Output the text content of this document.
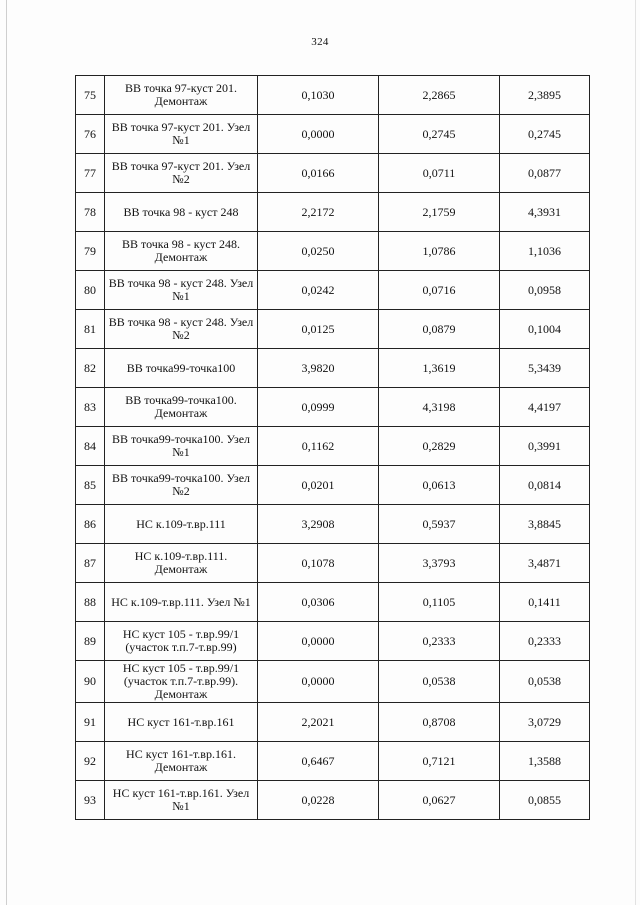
324

75	ВВ точка 97-куст 201. Демонтаж	0,1030	2,2865	2,3895
76	ВВ точка 97-куст 201. Узел №1	0,0000	0,2745	0,2745
77	ВВ точка 97-куст 201. Узел №2	0,0166	0,0711	0,0877
78	ВВ точка 98 - куст 248	2,2172	2,1759	4,3931
79	ВВ точка 98 - куст 248. Демонтаж	0,0250	1,0786	1,1036
80	ВВ точка 98 - куст 248. Узел №1	0,0242	0,0716	0,0958
81	ВВ точка 98 - куст 248. Узел №2	0,0125	0,0879	0,1004
82	ВВ точка99-точка100	3,9820	1,3619	5,3439
83	ВВ точка99-точка100. Демонтаж	0,0999	4,3198	4,4197
84	ВВ точка99-точка100. Узел №1	0,1162	0,2829	0,3991
85	ВВ точка99-точка100. Узел №2	0,0201	0,0613	0,0814
86	НС к.109-т.вр.111	3,2908	0,5937	3,8845
87	НС к.109-т.вр.111. Демонтаж	0,1078	3,3793	3,4871
88	НС к.109-т.вр.111. Узел №1	0,0306	0,1105	0,1411
89	НС куст 105 - т.вр.99/1 (участок т.п.7-т.вр.99)	0,0000	0,2333	0,2333
90	НС куст 105 - т.вр.99/1 (участок т.п.7-т.вр.99). Демонтаж	0,0000	0,0538	0,0538
91	НС куст 161-т.вр.161	2,2021	0,8708	3,0729
92	НС куст 161-т.вр.161. Демонтаж	0,6467	0,7121	1,3588
93	НС куст 161-т.вр.161. Узел №1	0,0228	0,0627	0,0855
